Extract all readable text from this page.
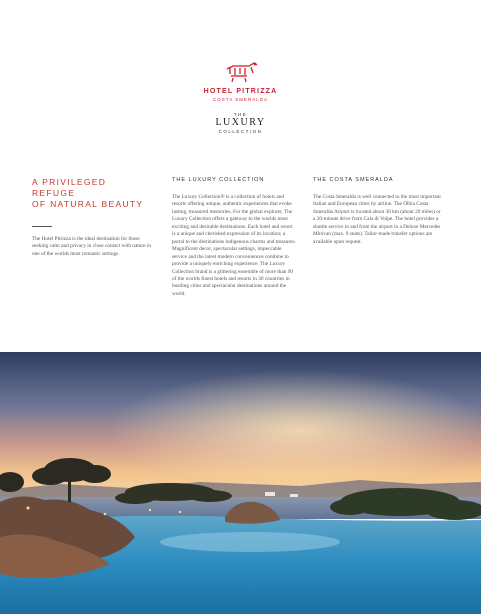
HOTEL PITRIZZA
COSTA SMERALDA
THE
LUXURY
COLLECTION

A PRIVILEGED REFUGE
OF NATURAL BEAUTY

The Hotel Pitrizza is the ideal destination for those seeking calm and privacy in close contact with nature in one of the worlds most romantic settings.

THE LUXURY COLLECTION

The Luxury Collection® is a collection of hotels and resorts offering unique, authentic experiences that evoke lasting, treasured memories. For the global explorer, The Luxury Collection offers a gateway to the worlds most exciting and desirable destinations. Each hotel and resort is a unique and cherished expression of its location; a portal to the destinations indigenous charms and treasures. Magnificent decor, spectacular settings, impeccable service and the latest modern conveniences combine to provide a uniquely enriching experience. The Luxury Collection brand is a glittering ensemble of more than 90 of the worlds finest hotels and resorts in 30 countries in bustling cities and spectacular destinations around the world.

THE COSTA SMERALDA

The Costa Smeralda is well connected to the most important Italian and European cities by airline. The Olbia Costa Smeralda Airport is located about 30 km (about 20 miles) or a 30-minute drive from Cala di Volpe. The hotel provides a shuttle service to and from the airport in a Deluxe Mercedes Minivan (max. 9 seats). Tailor-made transfer options are available upon request.
